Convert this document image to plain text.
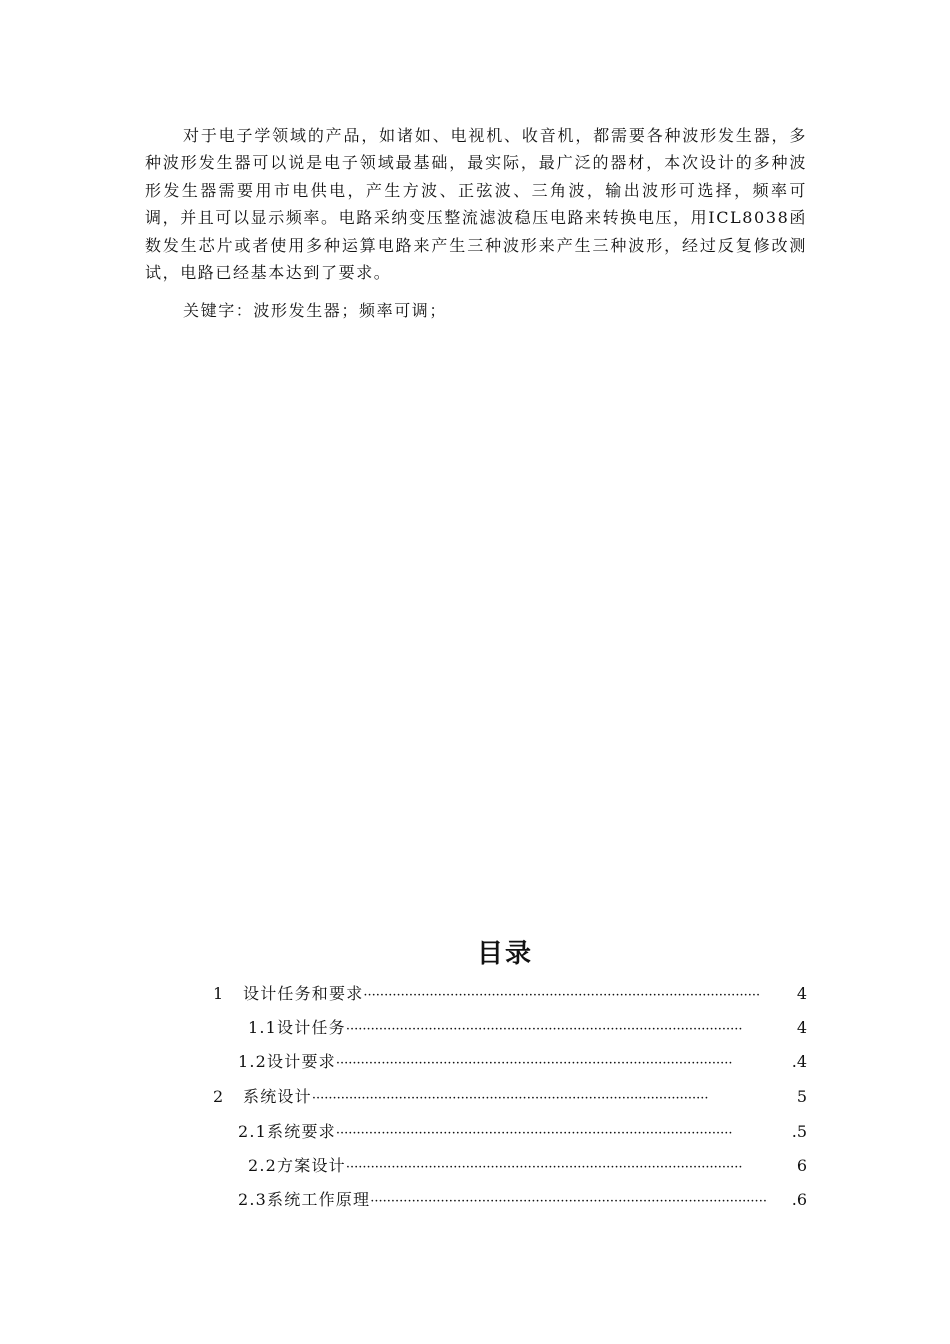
对于电子学领域的产品，如诸如、电视机、收音机，都需要各种波形发生器，多种波形发生器可以说是电子领域最基础，最实际，最广泛的器材，本次设计的多种波形发生器需要用市电供电，产生方波、正弦波、三角波，输出波形可选择，频率可调，并且可以显示频率。电路采纳变压整流滤波稳压电路来转换电压，用ICL8038函数发生芯片或者使用多种运算电路来产生三种波形来产生三种波形，经过反复修改测试，电路已经基本达到了要求。

关键字：波形发生器；频率可调；

目录
1	设计任务和要求 ································································································	4
1.1设计任务 ································································································	4
1.2设计要求 ································································································	.4
2	系统设计 ································································································	5
2.1系统要求 ································································································	.5
2.2方案设计 ································································································	6
2.3系统工作原理 ································································································	.6
